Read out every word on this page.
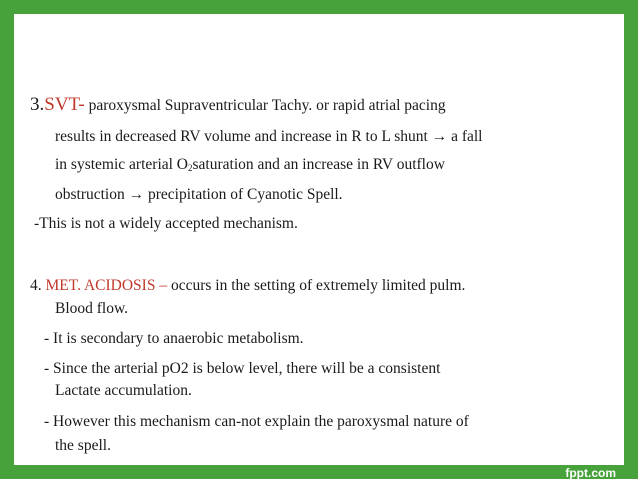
fppt.com
3.SVT- paroxysmal Supraventricular Tachy. or rapid atrial pacing
results in decreased RV volume and increase in R to L shunt → a fall
in systemic arterial $O_2saturation$ and an increase in RV outflow
obstruction → precipitation of Cyanotic Spell.
-This is not a widely accepted mechanism.
4. MET. ACIDOSIS – occurs in the setting of extremely limited pulm.
Blood flow.
- It is secondary to anaerobic metabolism.
- Since the arterial pO2 is below level, there will be a consistent
Lactate accumulation.
- However this mechanism can-not explain the paroxysmal nature of
the spell.
